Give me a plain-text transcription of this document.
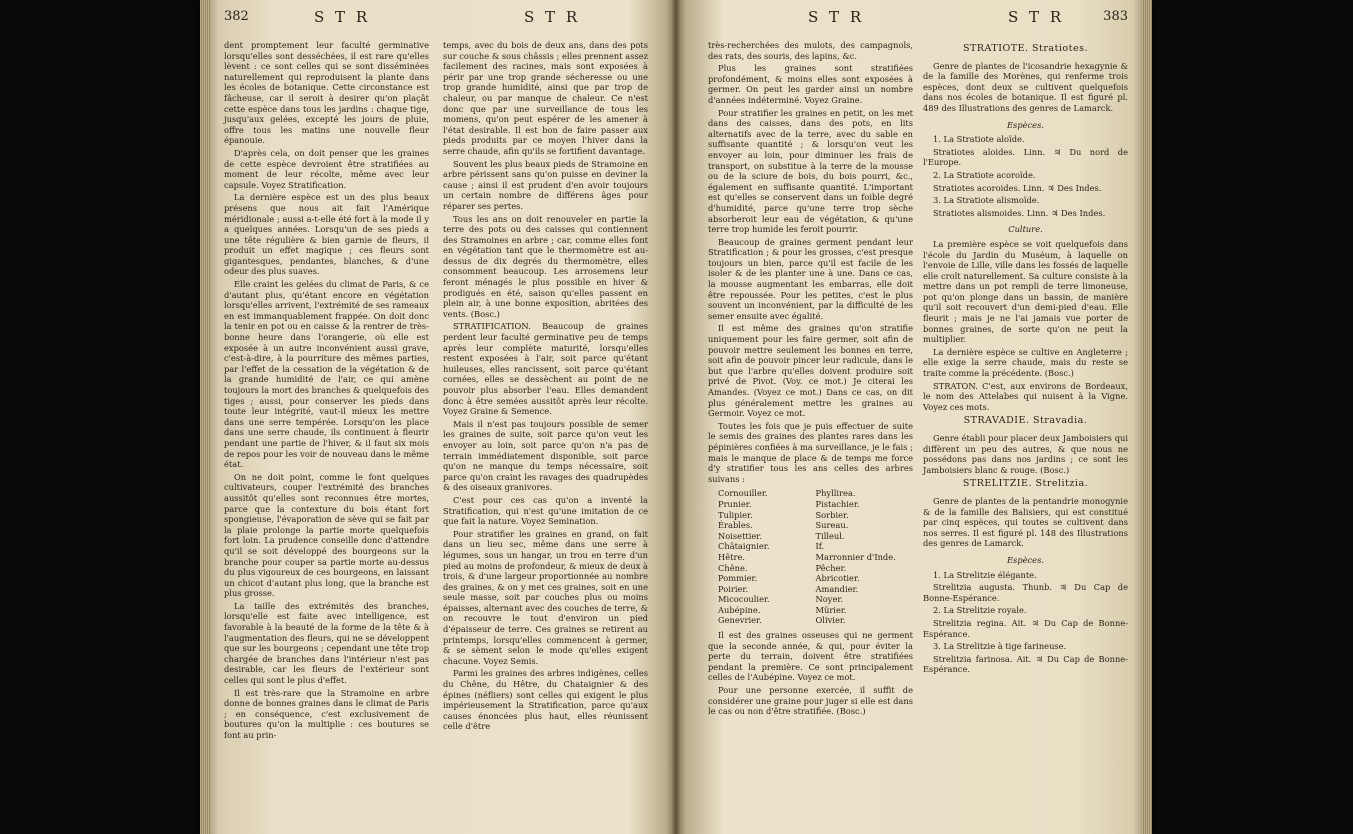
382	S T R	S T R

dent promptement leur faculté germinative lorsqu'elles sont desséchées, il est rare qu'elles lèvent : ce sont celles qui se sont disséminées naturellement qui reproduisent la plante dans les écoles de botanique. Cette circonstance est fâcheuse, car il seroit à desirer qu'on plaçât cette espèce dans tous les jardins : chaque tige, jusqu'aux gelées, excepté les jours de pluie, offre tous les matins une nouvelle fleur épanouie.

D'après cela, on doit penser que les graines de cette espèce devroient être stratifiées au moment de leur récolte, même avec leur capsule. Voyez Stratification.

La dernière espèce est un des plus beaux présens que nous ait fait l'Amérique méridionale ; aussi a-t-elle été fort à la mode il y a quelques années. Lorsqu'un de ses pieds a une tête régulière & bien garnie de fleurs, il produit un effet magique ; ces fleurs sont gigantesques, pendantes, blanches, & d'une odeur des plus suaves.

Elle craint les gelées du climat de Paris, & ce d'autant plus, qu'étant encore en végétation lorsqu'elles arrivent, l'extrémité de ses rameaux en est immanquablement frappée. On doit donc la tenir en pot ou en caisse & la rentrer de très-bonne heure dans l'orangerie, où elle est exposée à un autre inconvénient aussi grave, c'est-à-dire, à la pourriture des mêmes parties, par l'effet de la cessation de la végétation & de la grande humidité de l'air, ce qui amène toujours la mort des branches & quelquefois des tiges ; aussi, pour conserver les pieds dans toute leur intégrité, vaut-il mieux les mettre dans une serre tempérée. Lorsqu'on les place dans une serre chaude, ils continuent à fleurir pendant une partie de l'hiver, & il faut six mois de repos pour les voir de nouveau dans le même état.

On ne doit point, comme le font quelques cultivateurs, couper l'extrémité des branches aussitôt qu'elles sont reconnues être mortes, parce que la contexture du bois étant fort spongieuse, l'évaporation de sève qui se fait par la plaie prolonge la partie morte quelquefois fort loin. La prudence conseille donc d'attendre qu'il se soit développé des bourgeons sur la branche pour couper sa partie morte au-dessus du plus vigoureux de ces bourgeons, en laissant un chicot d'autant plus long, que la branche est plus grosse.

La taille des extrémités des branches, lorsqu'elle est faite avec intelligence, est favorable à la beauté de la forme de la tête & à l'augmentation des fleurs, qui ne se développent que sur les bourgeons ; cependant une tête trop chargée de branches dans l'intérieur n'est pas desirable, car les fleurs de l'extérieur sont celles qui sont le plus d'effet.

Il est très-rare que la Stramoine en arbre donne de bonnes graines dans le climat de Paris ; en conséquence, c'est exclusivement de boutures qu'on la multiplie : ces boutures se font au prin-

temps, avec du bois de deux ans, dans des pots sur couche & sous châssis ; elles prennent assez facilement des racines, mais sont exposées à périr par une trop grande sécheresse ou une trop grande humidité, ainsi que par trop de chaleur, ou par manque de chaleur. Ce n'est donc que par une surveillance de tous les momens, qu'on peut espérer de les amener à l'état desirable. Il est bon de faire passer aux pieds produits par ce moyen l'hiver dans la serre chaude, afin qu'ils se fortifient davantage.

Souvent les plus beaux pieds de Stramoine en arbre périssent sans qu'on puisse en deviner la cause ; ainsi il est prudent d'en avoir toujours un certain nombre de différens âges pour réparer ses pertes.

Tous les ans on doit renouveler en partie la terre des pots ou des caisses qui contiennent des Stramoines en arbre ; car, comme elles font en végétation tant que le thermomètre est au-dessus de dix degrés du thermomètre, elles consomment beaucoup. Les arrosemens leur feront ménagés le plus possible en hiver & prodigués en été, saison qu'elles passent en plein air, à une bonne exposition, abritées des vents. (Bosc.)

STRATIFICATION. Beaucoup de graines perdent leur faculté germinative peu de temps après leur complète maturité, lorsqu'elles restent exposées à l'air, soit parce qu'étant huileuses, elles rancissent, soit parce qu'étant cornées, elles se dessèchent au point de ne pouvoir plus absorber l'eau. Elles demandent donc à être semées aussitôt après leur récolte. Voyez Graine & Semence.

Mais il n'est pas toujours possible de semer les graines de suite, soit parce qu'on veut les envoyer au loin, soit parce qu'on n'a pas de terrain immédiatement disponible, soit parce qu'on ne manque du temps nécessaire, soit parce qu'on craint les ravages des quadrupèdes & des oiseaux granivores.

C'est pour ces cas qu'on a inventé la Stratification, qui n'est qu'une imitation de ce que fait la nature. Voyez Semination.

Pour stratifier les graines en grand, on fait dans un lieu sec, même dans une serre à légumes, sous un hangar, un trou en terre d'un pied au moins de profondeur, & mieux de deux à trois, & d'une largeur proportionnée au nombre des graines, & on y met ces graines, soit en une seule masse, soit par couches plus ou moins épaisses, alternant avec des couches de terre, & on recouvre le tout d'environ un pied d'épaisseur de terre. Ces graines se retirent au printemps, lorsqu'elles commencent à germer, & se sèment selon le mode qu'elles exigent chacune. Voyez Semis.

Parmi les graines des arbres indigènes, celles du Chêne, du Hêtre, du Chataignier & des épines (néfliers) sont celles qui exigent le plus impérieusement la Stratification, parce qu'aux causes énoncées plus haut, elles réunissent celle d'être

S T R	S T R	383

très-recherchées des mulots, des campagnols, des rats, des souris, des lapins, &c.

Plus les graines sont stratifiées profondément, & moins elles sont exposées à germer. On peut les garder ainsi un nombre d'années indéterminé. Voyez Graine.

Pour stratifier les graines en petit, on les met dans des caisses, dans des pots, en lits alternatifs avec de la terre, avec du sable en suffisante quantité ; & lorsqu'on veut les envoyer au loin, pour diminuer les frais de transport, on substitue à la terre de la mousse ou de la sciure de bois, du bois pourri, &c., également en suffisante quantité. L'important est qu'elles se conservent dans un foible degré d'humidité, parce qu'une terre trop sèche absorberoit leur eau de végétation, & qu'une terre trop humide les feroit pourrir.

Beaucoup de graines germent pendant leur Stratification ; & pour les grosses, c'est presque toujours un bien, parce qu'il est facile de les isoler & de les planter une à une. Dans ce cas, la mousse augmentant les embarras, elle doit être repoussée. Pour les petites, c'est le plus souvent un inconvénient, par la difficulté de les semer ensuite avec égalité.

Il est même des graines qu'on stratifie uniquement pour les faire germer, soit afin de pouvoir mettre seulement les bonnes en terre, soit afin de pouvoir pincer leur radicule, dans le but que l'arbre qu'elles doivent produire soit privé de Pivot. (Voy. ce mot.) Je citerai les Amandes. (Voyez ce mot.) Dans ce cas, on dit plus généralement mettre les graines au Germoir. Voyez ce mot.

Toutes les fois que je puis effectuer de suite le semis des graines des plantes rares dans les pépinières confiées à ma surveillance, je le fais ; mais le manque de place & de temps me force d'y stratifier tous les ans celles des arbres suivans :

Cornouiller.	Phyllirea.
Prunier.	Pistachier.
Tulipier.	Sorbier.
Érables.	Sureau.
Noisettier.	Tilleul.
Châtaignier.	If.
Hêtre.	Marronnier d'Inde.
Chêne.	Pêcher.
Pommier.	Abricotier.
Poirier.	Amandier.
Micocoulier.	Noyer.
Aubépine.	Mûrier.
Genevrier.	Olivier.

Il est des graines osseuses qui ne germent que la seconde année, & qui, pour éviter la perte du terrain, doivent être stratifiées pendant la première. Ce sont principalement celles de l'Aubépine. Voyez ce mot.

Pour une personne exercée, il suffit de considérer une graine pour juger si elle est dans le cas ou non d'être stratifiée. (Bosc.)

STRATIOTE. Stratiotes.

Genre de plantes de l'icosandrie hexagynie & de la famille des Morènes, qui renferme trois espèces, dont deux se cultivent quelquefois dans nos écoles de botanique. Il est figuré pl. 489 des Illustrations des genres de Lamarck.

Espèces.

1. La Stratiote aloïde.

Stratiotes aloides. Linn. ♃ Du nord de l'Europe.

2. La Stratiote acoroïde.

Stratiotes acoroides. Linn. ♃ Des Indes.

3. La Stratiote alismoïde.

Stratiotes alismoides. Linn. ♃ Des Indes.

Culture.

La première espèce se voit quelquefois dans l'école du Jardin du Muséum, à laquelle on l'envoie de Lille, ville dans les fossés de laquelle elle croît naturellement. Sa culture consiste à la mettre dans un pot rempli de terre limoneuse, pot qu'on plonge dans un bassin, de manière qu'il soit recouvert d'un demi-pied d'eau. Elle fleurit ; mais je ne l'ai jamais vue porter de bonnes graines, de sorte qu'on ne peut la multiplier.

La dernière espèce se cultive en Angleterre ; elle exige la serre chaude, mais du reste se traite comme la précédente. (Bosc.)

STRATON. C'est, aux environs de Bordeaux, le nom des Attelabes qui nuisent à la Vigne. Voyez ces mots.

STRAVADIE. Stravadia.

Genre établi pour placer deux Jamboisiers qui diffèrent un peu des autres, & que nous ne possédons pas dans nos jardins ; ce sont les Jamboisiers blanc & rouge. (Bosc.)

STRELITZIE. Strelitzia.

Genre de plantes de la pentandrie monogynie & de la famille des Balisiers, qui est constitué par cinq espèces, qui toutes se cultivent dans nos serres. Il est figuré pl. 148 des Illustrations des genres de Lamarck.

Espèces.

1. La Strelitzie élégante.

Strelitzia augusta. Thunb. ♃ Du Cap de Bonne-Espérance.

2. La Strelitzie royale.

Strelitzia regina. Ait. ♃ Du Cap de Bonne-Espérance.

3. La Strelitzie à tige farineuse.

Strelitzia farinosa. Ait. ♃ Du Cap de Bonne-Espérance.
